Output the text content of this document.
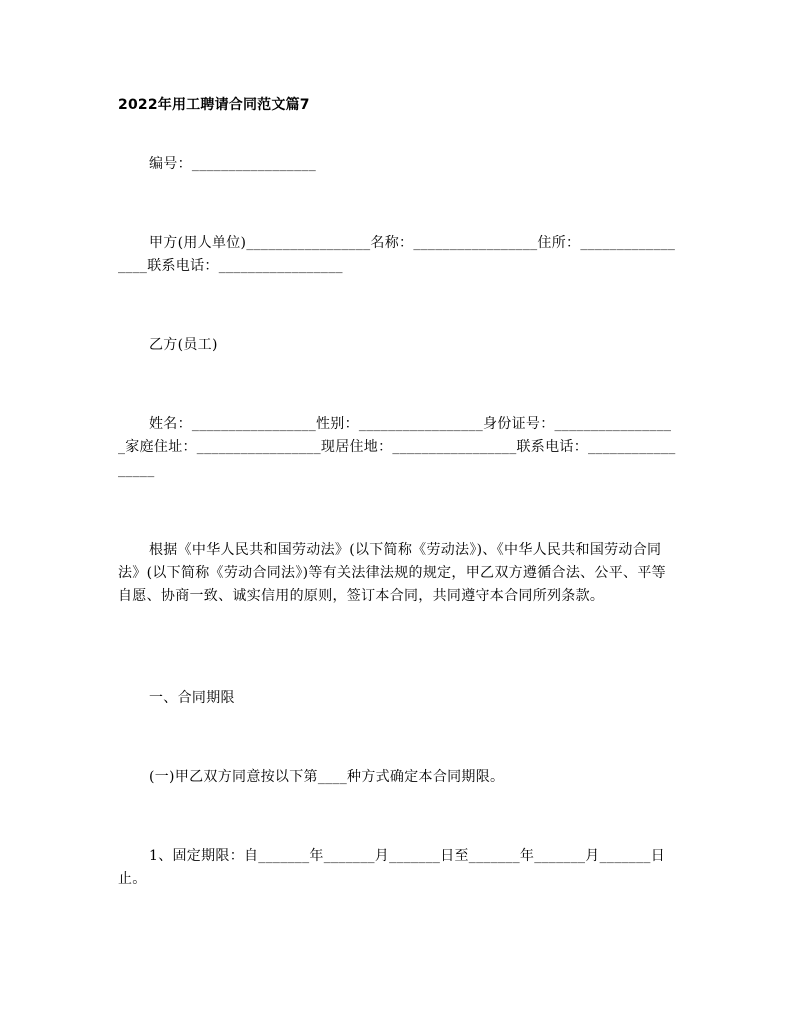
2022年用工聘请合同范文篇7
编号：_________________
甲方(用人单位)_________________名称：_________________住所：_________________联系电话：_________________
乙方(员工)
姓名：_________________性别：_________________身份证号：_________________家庭住址：_________________现居住地：_________________联系电话：_________________
根据《中华人民共和国劳动法》(以下简称《劳动法》)、《中华人民共和国劳动合同法》(以下简称《劳动合同法》)等有关法律法规的规定，甲乙双方遵循合法、公平、平等自愿、协商一致、诚实信用的原则，签订本合同，共同遵守本合同所列条款。
一、合同期限
(一)甲乙双方同意按以下第____种方式确定本合同期限。
1、固定期限：自_______年_______月_______日至_______年_______月_______日止。
